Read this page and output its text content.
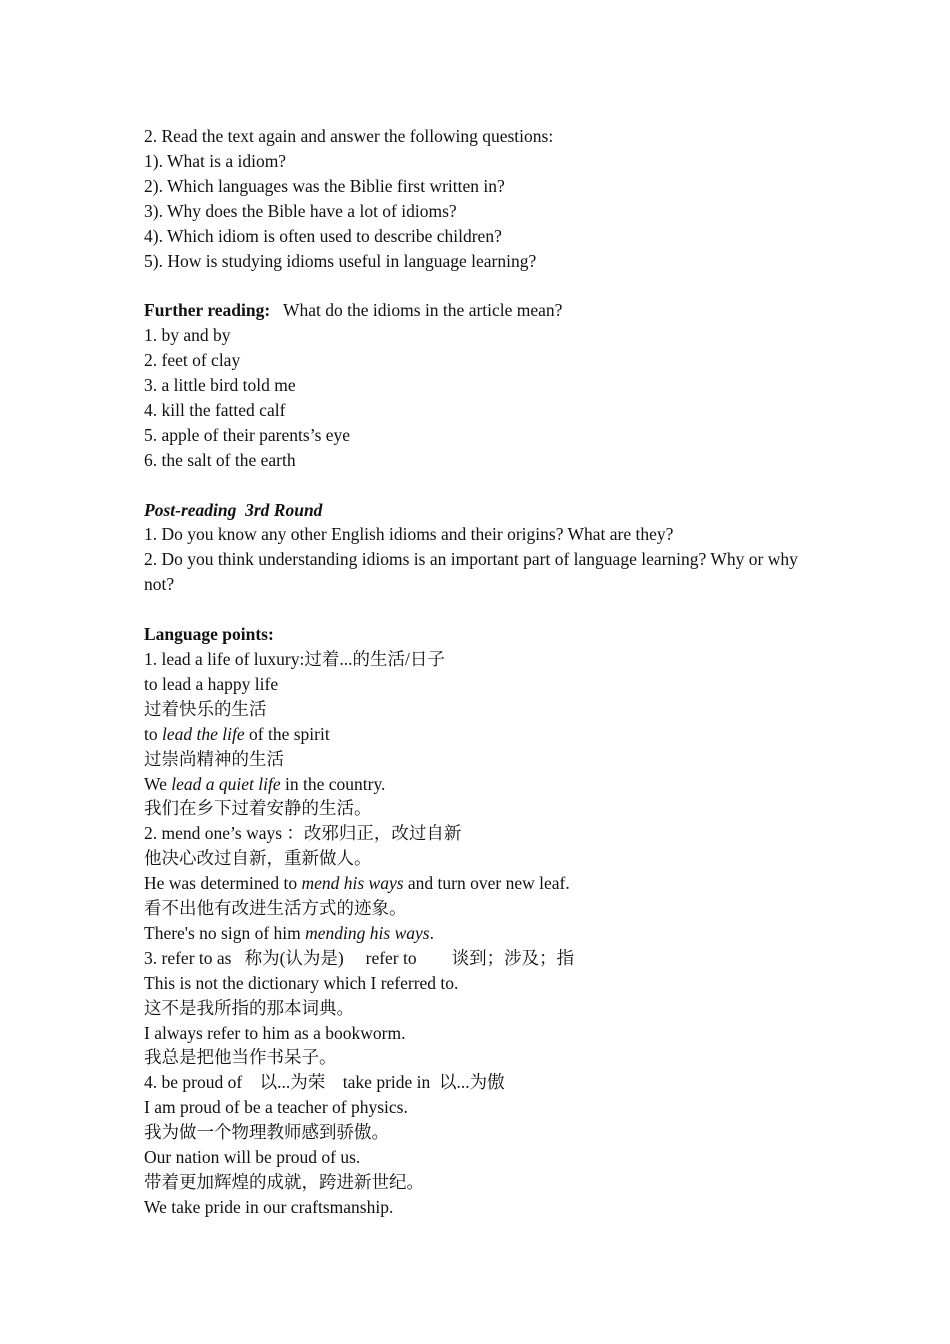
2. Read the text again and answer the following questions:
1). What is a idiom?
2). Which languages was the Biblie first written in?
3). Why does the Bible have a lot of idioms?
4). Which idiom is often used to describe children?
5). How is studying idioms useful in language learning?
Further reading:   What do the idioms in the article mean?
1. by and by
2. feet of clay
3. a little bird told me
4. kill the fatted calf
5. apple of their parents’s eye
6. the salt of the earth
Post-reading  3rd Round
1. Do you know any other English idioms and their origins? What are they?
2. Do you think understanding idioms is an important part of language learning? Why or why not?
Language points:
1. lead a life of luxury:过着...的生活/日子
to lead a happy life
过着快乐的生活
to lead the life of the spirit
过崇尚精神的生活
We lead a quiet life in the country.
我们在乡下过着安静的生活。
2. mend one’s ways ：改邪归正，改过自新
他决心改过自新，重新做人。
He was determined to mend his ways and turn over new leaf.
看不出他有改进生活方式的迹象。
There's no sign of him mending his ways.
3. refer to as   称为(认为是)     refer to        谈到；涉及；指
This is not the dictionary which I referred to.
这不是我所指的那本词典。
I always refer to him as a bookworm.
我总是把他当作书呆子。
4. be proud of    以...为荣    take pride in  以...为傲
I am proud of be a teacher of physics.
我为做一个物理教师感到骄傲。
Our nation will be proud of us.
带着更加辉煌的成就，跨进新世纪。
We take pride in our craftsmanship.
